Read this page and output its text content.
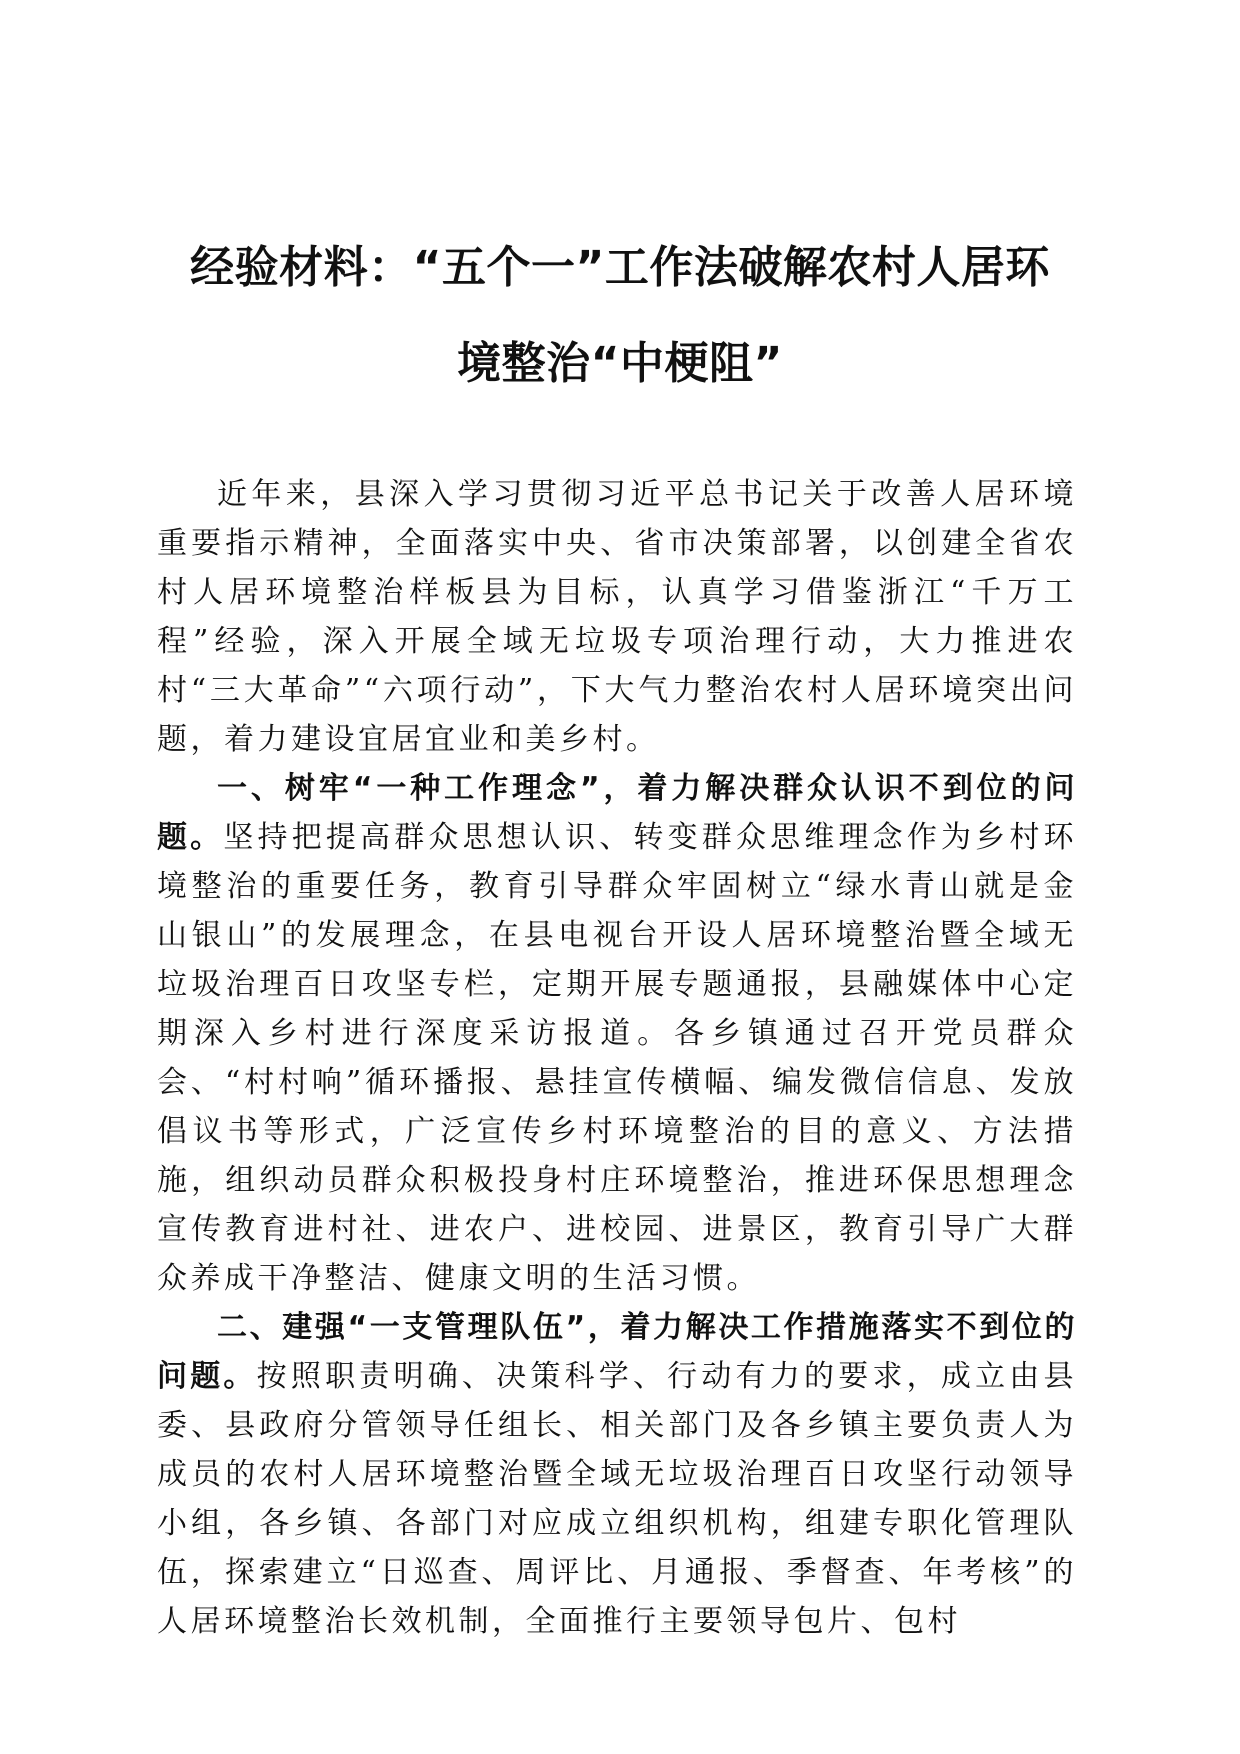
经验材料：“五个一”工作法破解农村人居环
境整治“中梗阻”

近年来，县深入学习贯彻习近平总书记关于改善人居环境重要指示精神，全面落实中央、省市决策部署，以创建全省农村人居环境整治样板县为目标，认真学习借鉴浙江“千万工程”经验，深入开展全域无垃圾专项治理行动，大力推进农村“三大革命”“六项行动”，下大气力整治农村人居环境突出问题，着力建设宜居宜业和美乡村。

一、树牢“一种工作理念”，着力解决群众认识不到位的问题。坚持把提高群众思想认识、转变群众思维理念作为乡村环境整治的重要任务，教育引导群众牢固树立“绿水青山就是金山银山”的发展理念，在县电视台开设人居环境整治暨全域无垃圾治理百日攻坚专栏，定期开展专题通报，县融媒体中心定期深入乡村进行深度采访报道。各乡镇通过召开党员群众会、“村村响”循环播报、悬挂宣传横幅、编发微信信息、发放倡议书等形式，广泛宣传乡村环境整治的目的意义、方法措施，组织动员群众积极投身村庄环境整治，推进环保思想理念宣传教育进村社、进农户、进校园、进景区，教育引导广大群众养成干净整洁、健康文明的生活习惯。

二、建强“一支管理队伍”，着力解决工作措施落实不到位的问题。按照职责明确、决策科学、行动有力的要求，成立由县委、县政府分管领导任组长、相关部门及各乡镇主要负责人为成员的农村人居环境整治暨全域无垃圾治理百日攻坚行动领导小组，各乡镇、各部门对应成立组织机构，组建专职化管理队伍，探索建立“日巡查、周评比、月通报、季督查、年考核”的人居环境整治长效机制，全面推行主要领导包片、包村
